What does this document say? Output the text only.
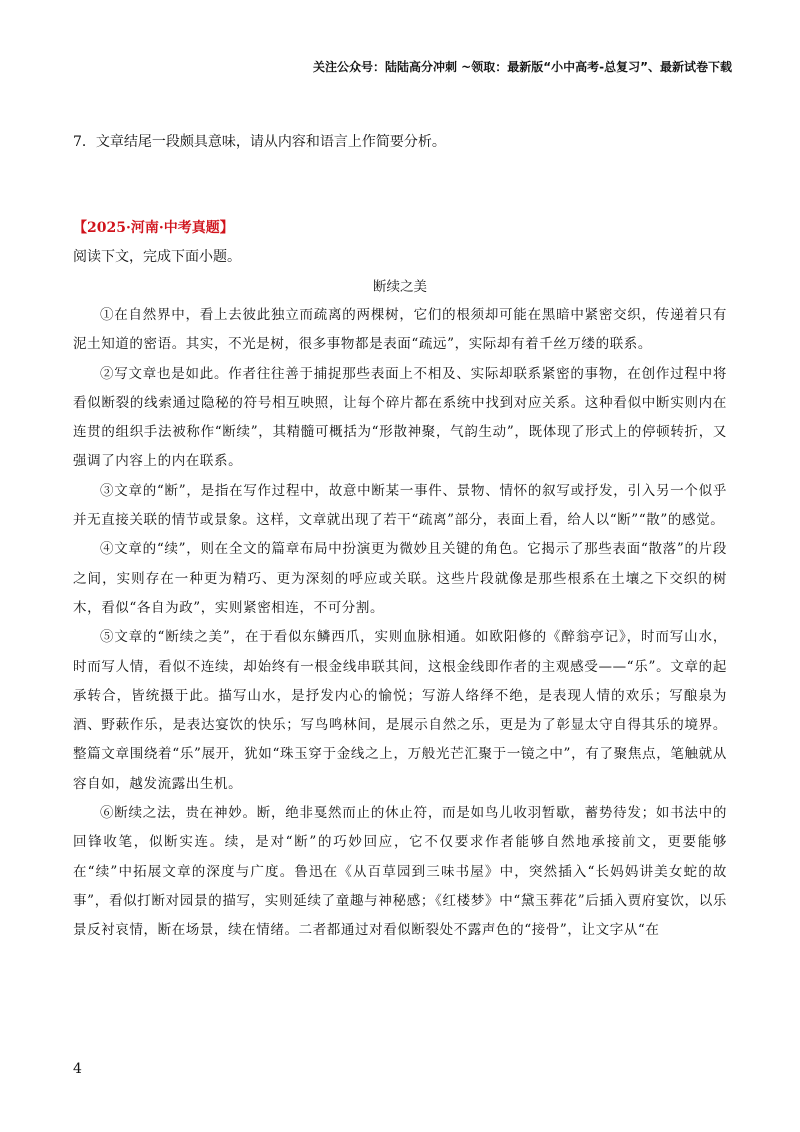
关注公众号：陆陆高分冲刺 ~领取：最新版“小中高考-总复习”、最新试卷下载
7．文章结尾一段颇具意味，请从内容和语言上作简要分析。
【2025·河南·中考真题】
阅读下文，完成下面小题。
断续之美

①在自然界中，看上去彼此独立而疏离的两棵树，它们的根须却可能在黑暗中紧密交织，传递着只有泥土知道的密语。其实，不光是树，很多事物都是表面“疏远”，实际却有着千丝万缕的联系。

②写文章也是如此。作者往往善于捕捉那些表面上不相及、实际却联系紧密的事物，在创作过程中将看似断裂的线索通过隐秘的符号相互映照，让每个碎片都在系统中找到对应关系。这种看似中断实则内在连贯的组织手法被称作“断续”，其精髓可概括为“形散神聚，气韵生动”，既体现了形式上的停顿转折，又强调了内容上的内在联系。

③文章的“断”，是指在写作过程中，故意中断某一事件、景物、情怀的叙写或抒发，引入另一个似乎并无直接关联的情节或景象。这样，文章就出现了若干“疏离”部分，表面上看，给人以“断”“散”的感觉。

④文章的“续”，则在全文的篇章布局中扮演更为微妙且关键的角色。它揭示了那些表面“散落”的片段之间，实则存在一种更为精巧、更为深刻的呼应或关联。这些片段就像是那些根系在土壤之下交织的树木，看似“各自为政”，实则紧密相连，不可分割。

⑤文章的“断续之美”，在于看似东鳞西爪，实则血脉相通。如欧阳修的《醉翁亭记》，时而写山水，时而写人情，看似不连续，却始终有一根金线串联其间，这根金线即作者的主观感受——“乐”。文章的起承转合，皆统摄于此。描写山水，是抒发内心的愉悦；写游人络绎不绝，是表现人情的欢乐；写酿泉为酒、野蔌作乐，是表达宴饮的快乐；写鸟鸣林间，是展示自然之乐，更是为了彰显太守自得其乐的境界。整篇文章围绕着“乐”展开，犹如“珠玉穿于金线之上，万般光芒汇聚于一镜之中”，有了聚焦点，笔触就从容自如，越发流露出生机。

⑥断续之法，贵在神妙。断，绝非戛然而止的休止符，而是如鸟儿收羽暂歇，蓄势待发；如书法中的回锋收笔，似断实连。续，是对“断”的巧妙回应，它不仅要求作者能够自然地承接前文，更要能够在“续”中拓展文章的深度与广度。鲁迅在《从百草园到三味书屋》中，突然插入“长妈妈讲美女蛇的故事”，看似打断对园景的描写，实则延续了童趣与神秘感；《红楼梦》中“黛玉葬花”后插入贾府宴饮，以乐景反衬哀情，断在场景，续在情绪。二者都通过对看似断裂处不露声色的“接骨”，让文字从“在

4
